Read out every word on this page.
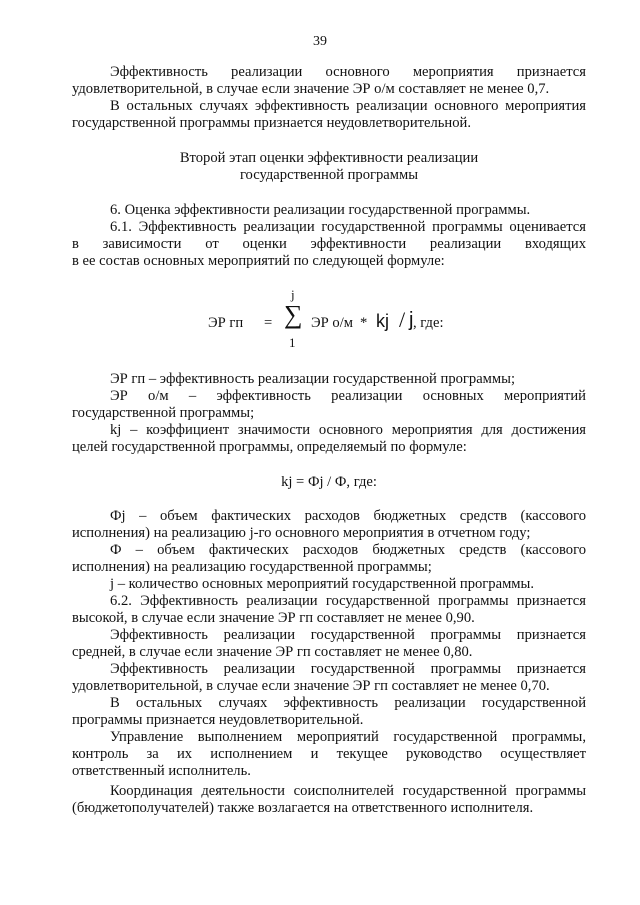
39

Эффективность реализации основного мероприятия признается

удовлетворительной, в случае если значение ЭР о/м составляет не менее 0,7.

В остальных случаях эффективность реализации основного мероприятия

государственной программы признается неудовлетворительной.

Второй этап оценки эффективности реализации

государственной программы

6. Оценка эффективности реализации государственной программы.

6.1. Эффективность реализации государственной программы оценивается

в зависимости от оценки эффективности реализации входящих

в ее состав основных мероприятий по следующей формуле:

ЭР гп =
j
∑
1
ЭР о/м * kj / j , где:

ЭР гп – эффективность реализации государственной программы;

ЭР о/м – эффективность реализации основных мероприятий

государственной программы;

kj – коэффициент значимости основного мероприятия для достижения

целей государственной программы, определяемый по формуле:

kj = Фj / Ф, где:

Фj – объем фактических расходов бюджетных средств (кассового

исполнения) на реализацию j-го основного мероприятия в отчетном году;

Ф – объем фактических расходов бюджетных средств (кассового

исполнения) на реализацию государственной программы;

j – количество основных мероприятий государственной программы.

6.2. Эффективность реализации государственной программы признается

высокой, в случае если значение ЭР гп составляет не менее 0,90.

Эффективность реализации государственной программы признается

средней, в случае если значение ЭР гп составляет не менее 0,80.

Эффективность реализации государственной программы признается

удовлетворительной, в случае если значение ЭР гп составляет не менее 0,70.

В остальных случаях эффективность реализации государственной

программы признается неудовлетворительной.

Управление выполнением мероприятий государственной программы,

контроль за их исполнением и текущее руководство осуществляет

ответственный исполнитель.

Координация деятельности соисполнителей государственной программы

(бюджетополучателей) также возлагается на ответственного исполнителя.
